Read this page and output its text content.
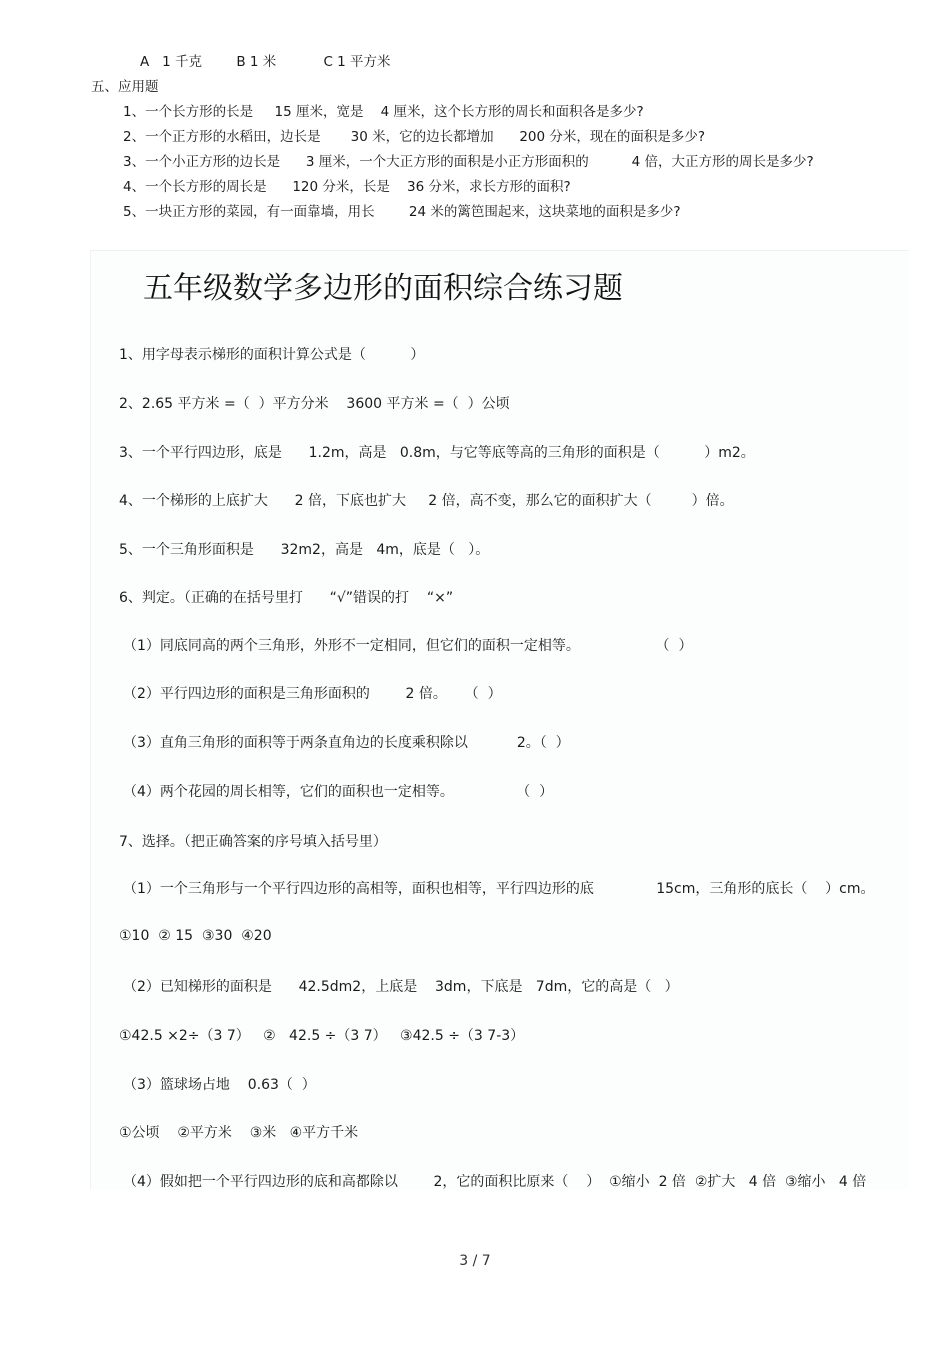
A   1 千克        B 1 米           C 1 平方米
五、应用题
1、一个长方形的长是     15 厘米，宽是    4 厘米，这个长方形的周长和面积各是多少?
2、一个正方形的水稻田，边长是       30 米，它的边长都增加      200 分米，现在的面积是多少?
3、一个小正方形的边长是      3 厘米，一个大正方形的面积是小正方形面积的          4 倍，大正方形的周长是多少?
4、一个长方形的周长是      120 分米，长是    36 分米，求长方形的面积?
5、一块正方形的菜园，有一面靠墙，用长        24 米的篱笆围起来，这块菜地的面积是多少?
五年级数学多边形的面积综合练习题
1、用字母表示梯形的面积计算公式是（          ）
2、2.65 平方米 =（  ）平方分米    3600 平方米 =（  ）公顷
3、一个平行四边形，底是      1.2m，高是   0.8m，与它等底等高的三角形的面积是（          ）m2。
4、一个梯形的上底扩大      2 倍，下底也扩大     2 倍，高不变，那么它的面积扩大（         ）倍。
5、一个三角形面积是      32m2，高是   4m，底是（   ）。
6、判定。（正确的在括号里打      “√”错误的打    “×”
（1）同底同高的两个三角形，外形不一定相同，但它们的面积一定相等。                 （  ）
（2）平行四边形的面积是三角形面积的        2 倍。    （  ）
（3）直角三角形的面积等于两条直角边的长度乘积除以           2。（  ）
（4）两个花园的周长相等，它们的面积也一定相等。              （  ）
7、选择。（把正确答案的序号填入括号里）
（1）一个三角形与一个平行四边形的高相等，面积也相等，平行四边形的底              15cm，三角形的底长（    ）cm。
①10  ② 15  ③30  ④20
（2）已知梯形的面积是      42.5dm2，上底是    3dm，下底是   7dm，它的高是（   ）
①42.5 ×2÷（3 7）   ②   42.5 ÷（3 7）   ③42.5 ÷（3 7-3）
（3）篮球场占地    0.63（  ）
①公顷    ②平方米    ③米   ④平方千米
（4）假如把一个平行四边形的底和高都除以        2，它的面积比原来（    ）  ①缩小  2 倍  ②扩大   4 倍  ③缩小   4 倍
3 / 7
